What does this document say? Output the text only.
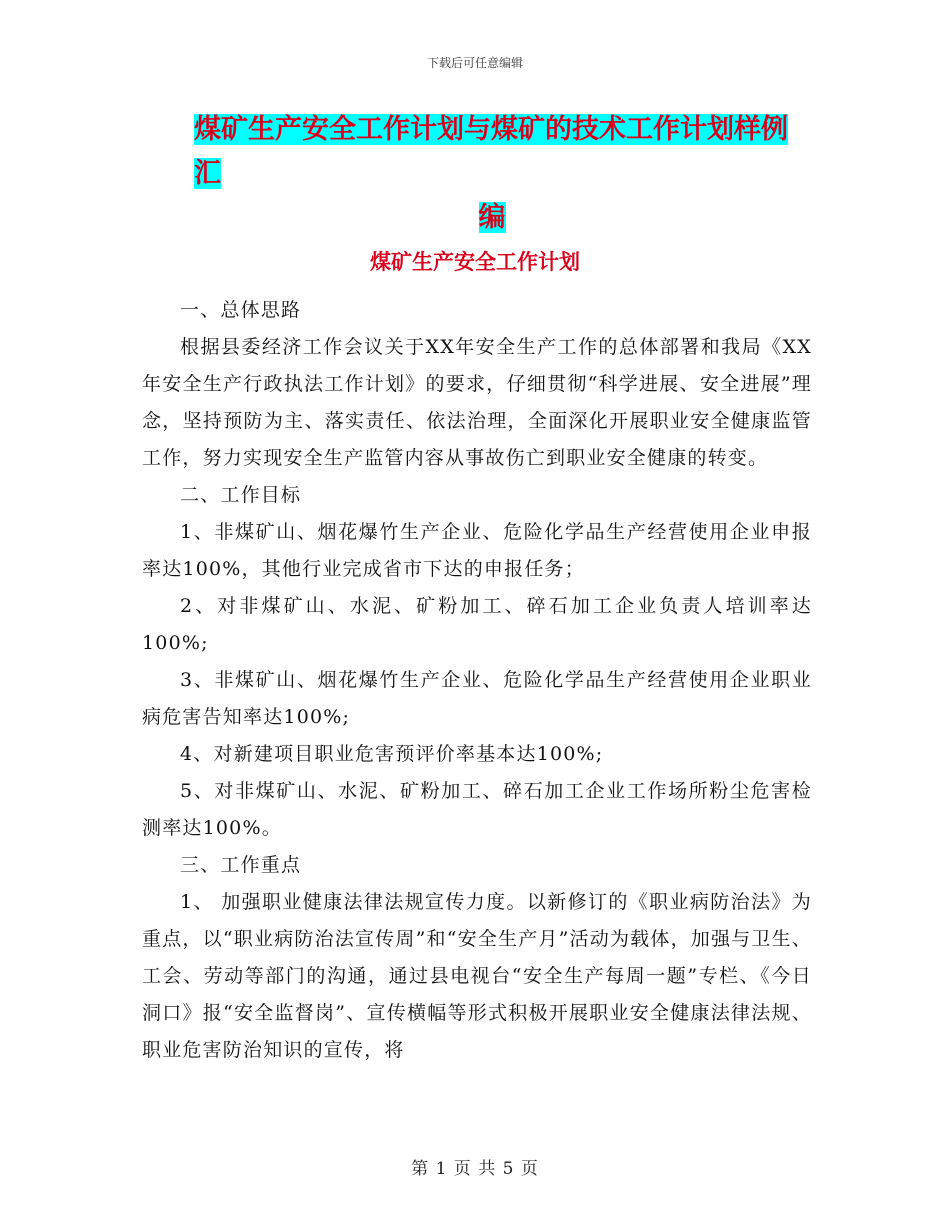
下载后可任意编辑
煤矿生产安全工作计划与煤矿的技术工作计划样例汇
编
煤矿生产安全工作计划

一、总体思路

根据县委经济工作会议关于XX年安全生产工作的总体部署和我局《XX年安全生产行政执法工作计划》的要求，仔细贯彻“科学进展、安全进展”理念，坚持预防为主、落实责任、依法治理，全面深化开展职业安全健康监管工作，努力实现安全生产监管内容从事故伤亡到职业安全健康的转变。

二、工作目标

1、非煤矿山、烟花爆竹生产企业、危险化学品生产经营使用企业申报率达100%，其他行业完成省市下达的申报任务；

2、对非煤矿山、水泥、矿粉加工、碎石加工企业负责人培训率达100%;

3、非煤矿山、烟花爆竹生产企业、危险化学品生产经营使用企业职业病危害告知率达100%;

4、对新建项目职业危害预评价率基本达100%;

5、对非煤矿山、水泥、矿粉加工、碎石加工企业工作场所粉尘危害检测率达100%。

三、工作重点

1、 加强职业健康法律法规宣传力度。以新修订的《职业病防治法》为重点，以“职业病防治法宣传周”和“安全生产月”活动为载体，加强与卫生、工会、劳动等部门的沟通，通过县电视台“安全生产每周一题”专栏、《今日洞口》报“安全监督岗”、宣传横幅等形式积极开展职业安全健康法律法规、职业危害防治知识的宣传，将

第 1 页 共 5 页
